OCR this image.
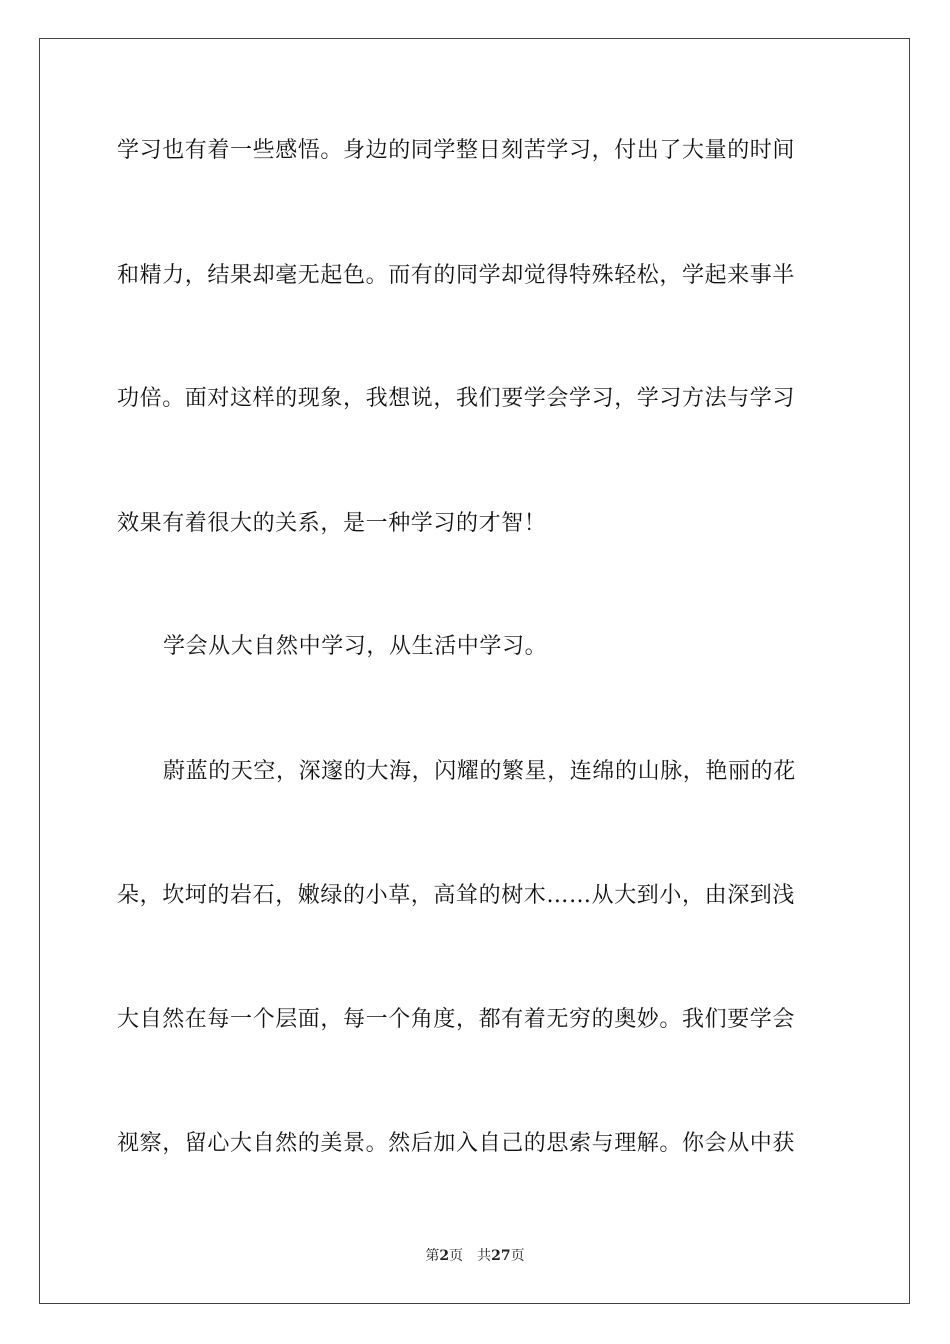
学习也有着一些感悟。身边的同学整日刻苦学习，付出了大量的时间
和精力，结果却毫无起色。而有的同学却觉得特殊轻松，学起来事半
功倍。面对这样的现象，我想说，我们要学会学习，学习方法与学习
效果有着很大的关系，是一种学习的才智！
学会从大自然中学习，从生活中学习。
蔚蓝的天空，深邃的大海，闪耀的繁星，连绵的山脉，艳丽的花
朵，坎坷的岩石，嫩绿的小草，高耸的树木……从大到小，由深到浅
大自然在每一个层面，每一个角度，都有着无穷的奥妙。我们要学会
视察，留心大自然的美景。然后加入自己的思索与理解。你会从中获
第2页 共27页
